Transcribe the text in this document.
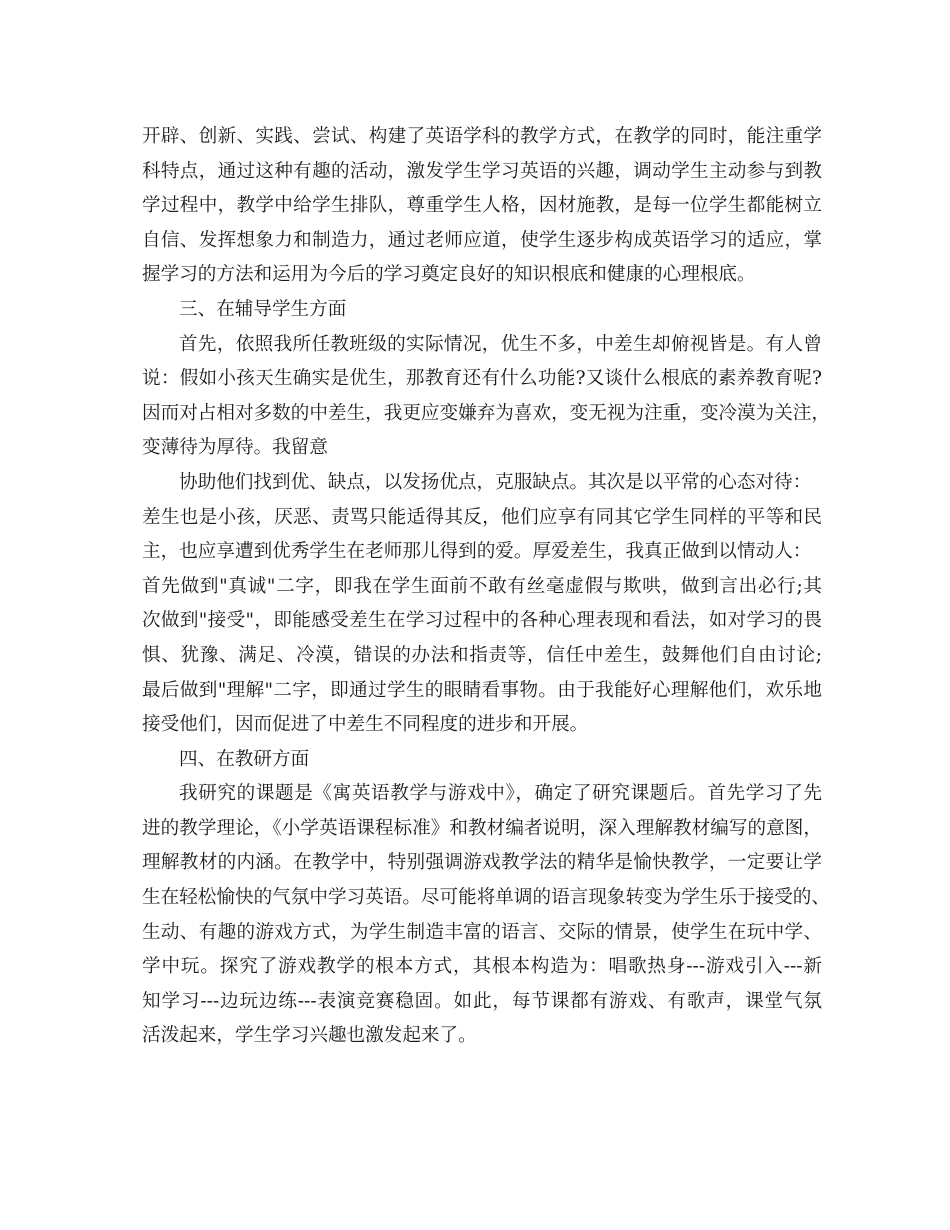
开辟、创新、实践、尝试、构建了英语学科的教学方式，在教学的同时，能注重学
科特点，通过这种有趣的活动，激发学生学习英语的兴趣，调动学生主动参与到教
学过程中，教学中给学生排队，尊重学生人格，因材施教，是每一位学生都能树立
自信、发挥想象力和制造力，通过老师应道，使学生逐步构成英语学习的适应，掌
握学习的方法和运用为今后的学习奠定良好的知识根底和健康的心理根底。
三、在辅导学生方面
首先，依照我所任教班级的实际情况，优生不多，中差生却俯视皆是。有人曾
说：假如小孩天生确实是优生，那教育还有什么功能?又谈什么根底的素养教育呢?
因而对占相对多数的中差生，我更应变嫌弃为喜欢，变无视为注重，变冷漠为关注，
变薄待为厚待。我留意
协助他们找到优、缺点，以发扬优点，克服缺点。其次是以平常的心态对待：
差生也是小孩，厌恶、责骂只能适得其反，他们应享有同其它学生同样的平等和民
主，也应享遭到优秀学生在老师那儿得到的爱。厚爱差生，我真正做到以情动人：
首先做到"真诚"二字，即我在学生面前不敢有丝毫虚假与欺哄，做到言出必行;其
次做到"接受"，即能感受差生在学习过程中的各种心理表现和看法，如对学习的畏
惧、犹豫、满足、冷漠，错误的办法和指责等，信任中差生，鼓舞他们自由讨论;
最后做到"理解"二字，即通过学生的眼睛看事物。由于我能好心理解他们，欢乐地
接受他们，因而促进了中差生不同程度的进步和开展。
四、在教研方面
我研究的课题是《寓英语教学与游戏中》，确定了研究课题后。首先学习了先
进的教学理论，《小学英语课程标准》和教材编者说明，深入理解教材编写的意图，
理解教材的内涵。在教学中，特别强调游戏教学法的精华是愉快教学，一定要让学
生在轻松愉快的气氛中学习英语。尽可能将单调的语言现象转变为学生乐于接受的、
生动、有趣的游戏方式，为学生制造丰富的语言、交际的情景，使学生在玩中学、
学中玩。探究了游戏教学的根本方式，其根本构造为：唱歌热身---游戏引入---新
知学习---边玩边练---表演竞赛稳固。如此，每节课都有游戏、有歌声，课堂气氛
活泼起来，学生学习兴趣也激发起来了。
